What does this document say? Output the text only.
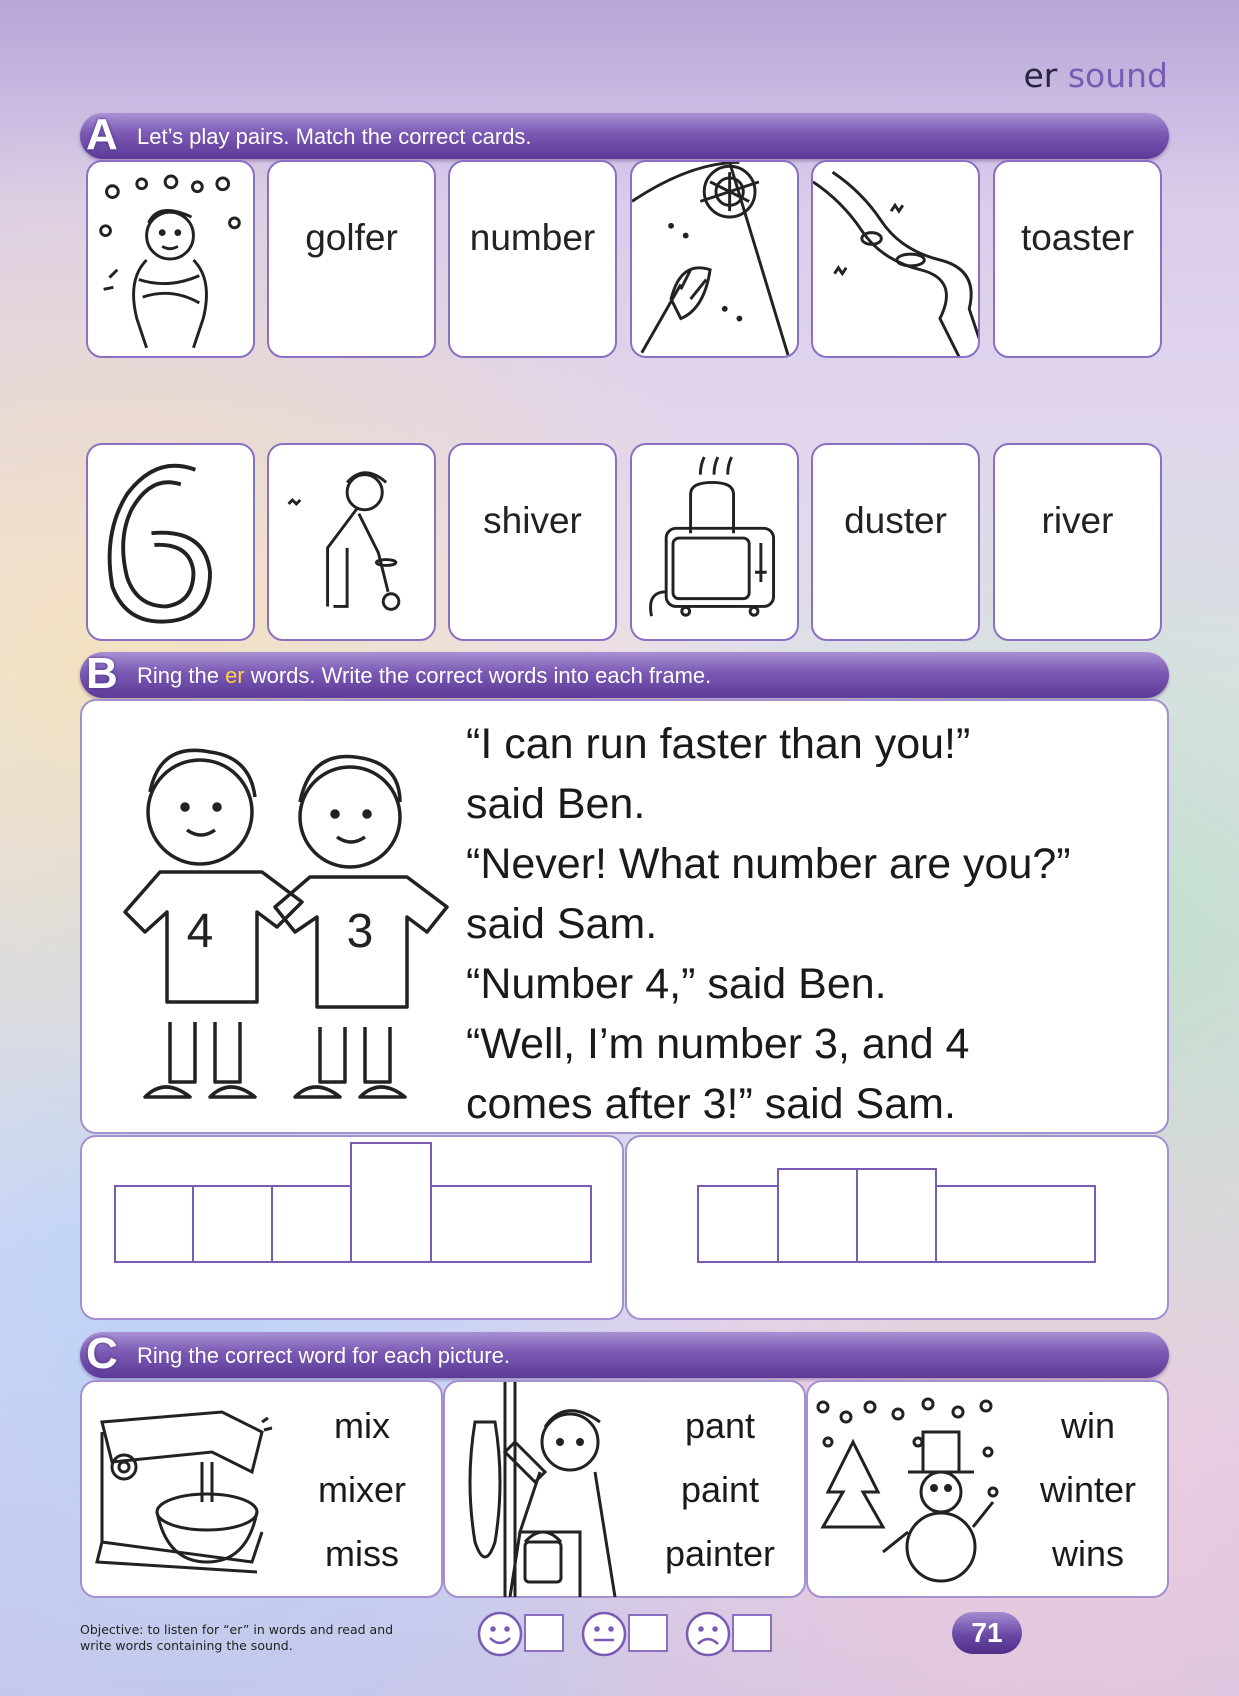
er sound
A Let’s play pairs. Match the correct cards.
golfer	number	toaster
shiver	duster	river
B Ring the er words. Write the correct words into each frame.
4	3
“I can run faster than you!”
said Ben.
“Never! What number are you?”
said Sam.
“Number 4,” said Ben.
“Well, I’m number 3, and 4
comes after 3!” said Sam.
C Ring the correct word for each picture.
mix
mixer
miss
pant
paint
painter
win
winter
wins
Objective: to listen for “er” in words and read and write words containing the sound.	71
